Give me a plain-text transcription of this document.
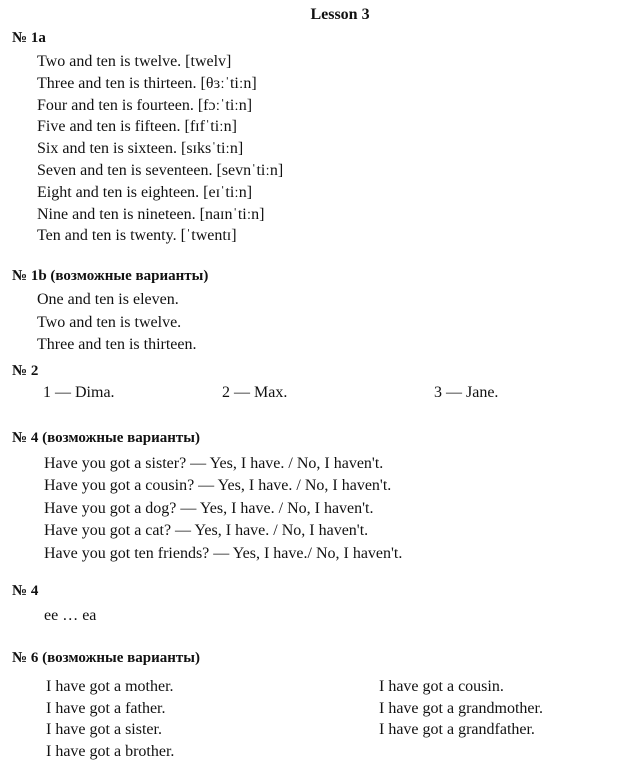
Lesson 3
№ 1a
Two and ten is twelve. [twelv]
Three and ten is thirteen. [θɜːˈtiːn]
Four and ten is fourteen. [fɔːˈtiːn]
Five and ten is fifteen. [fɪfˈtiːn]
Six and ten is sixteen. [sɪksˈtiːn]
Seven and ten is seventeen. [sevnˈtiːn]
Eight and ten is eighteen. [eɪˈtiːn]
Nine and ten is nineteen. [naɪnˈtiːn]
Ten and ten is twenty. [ˈtwentɪ]
№ 1b (возможные варианты)
One and ten is eleven.
Two and ten is twelve.
Three and ten is thirteen.
№ 2
1 — Dima.	2 — Max.	3 — Jane.
№ 4 (возможные варианты)
Have you got a sister? — Yes, I have. / No, I haven't.
Have you got a cousin? — Yes, I have. / No, I haven't.
Have you got a dog? — Yes, I have. / No, I haven't.
Have you got a cat? — Yes, I have. / No, I haven't.
Have you got ten friends? — Yes, I have./ No, I haven't.
№ 4
ee … ea
№ 6 (возможные варианты)
I have got a mother.
I have got a father.
I have got a sister.
I have got a brother.
I have got a cousin.
I have got a grandmother.
I have got a grandfather.
